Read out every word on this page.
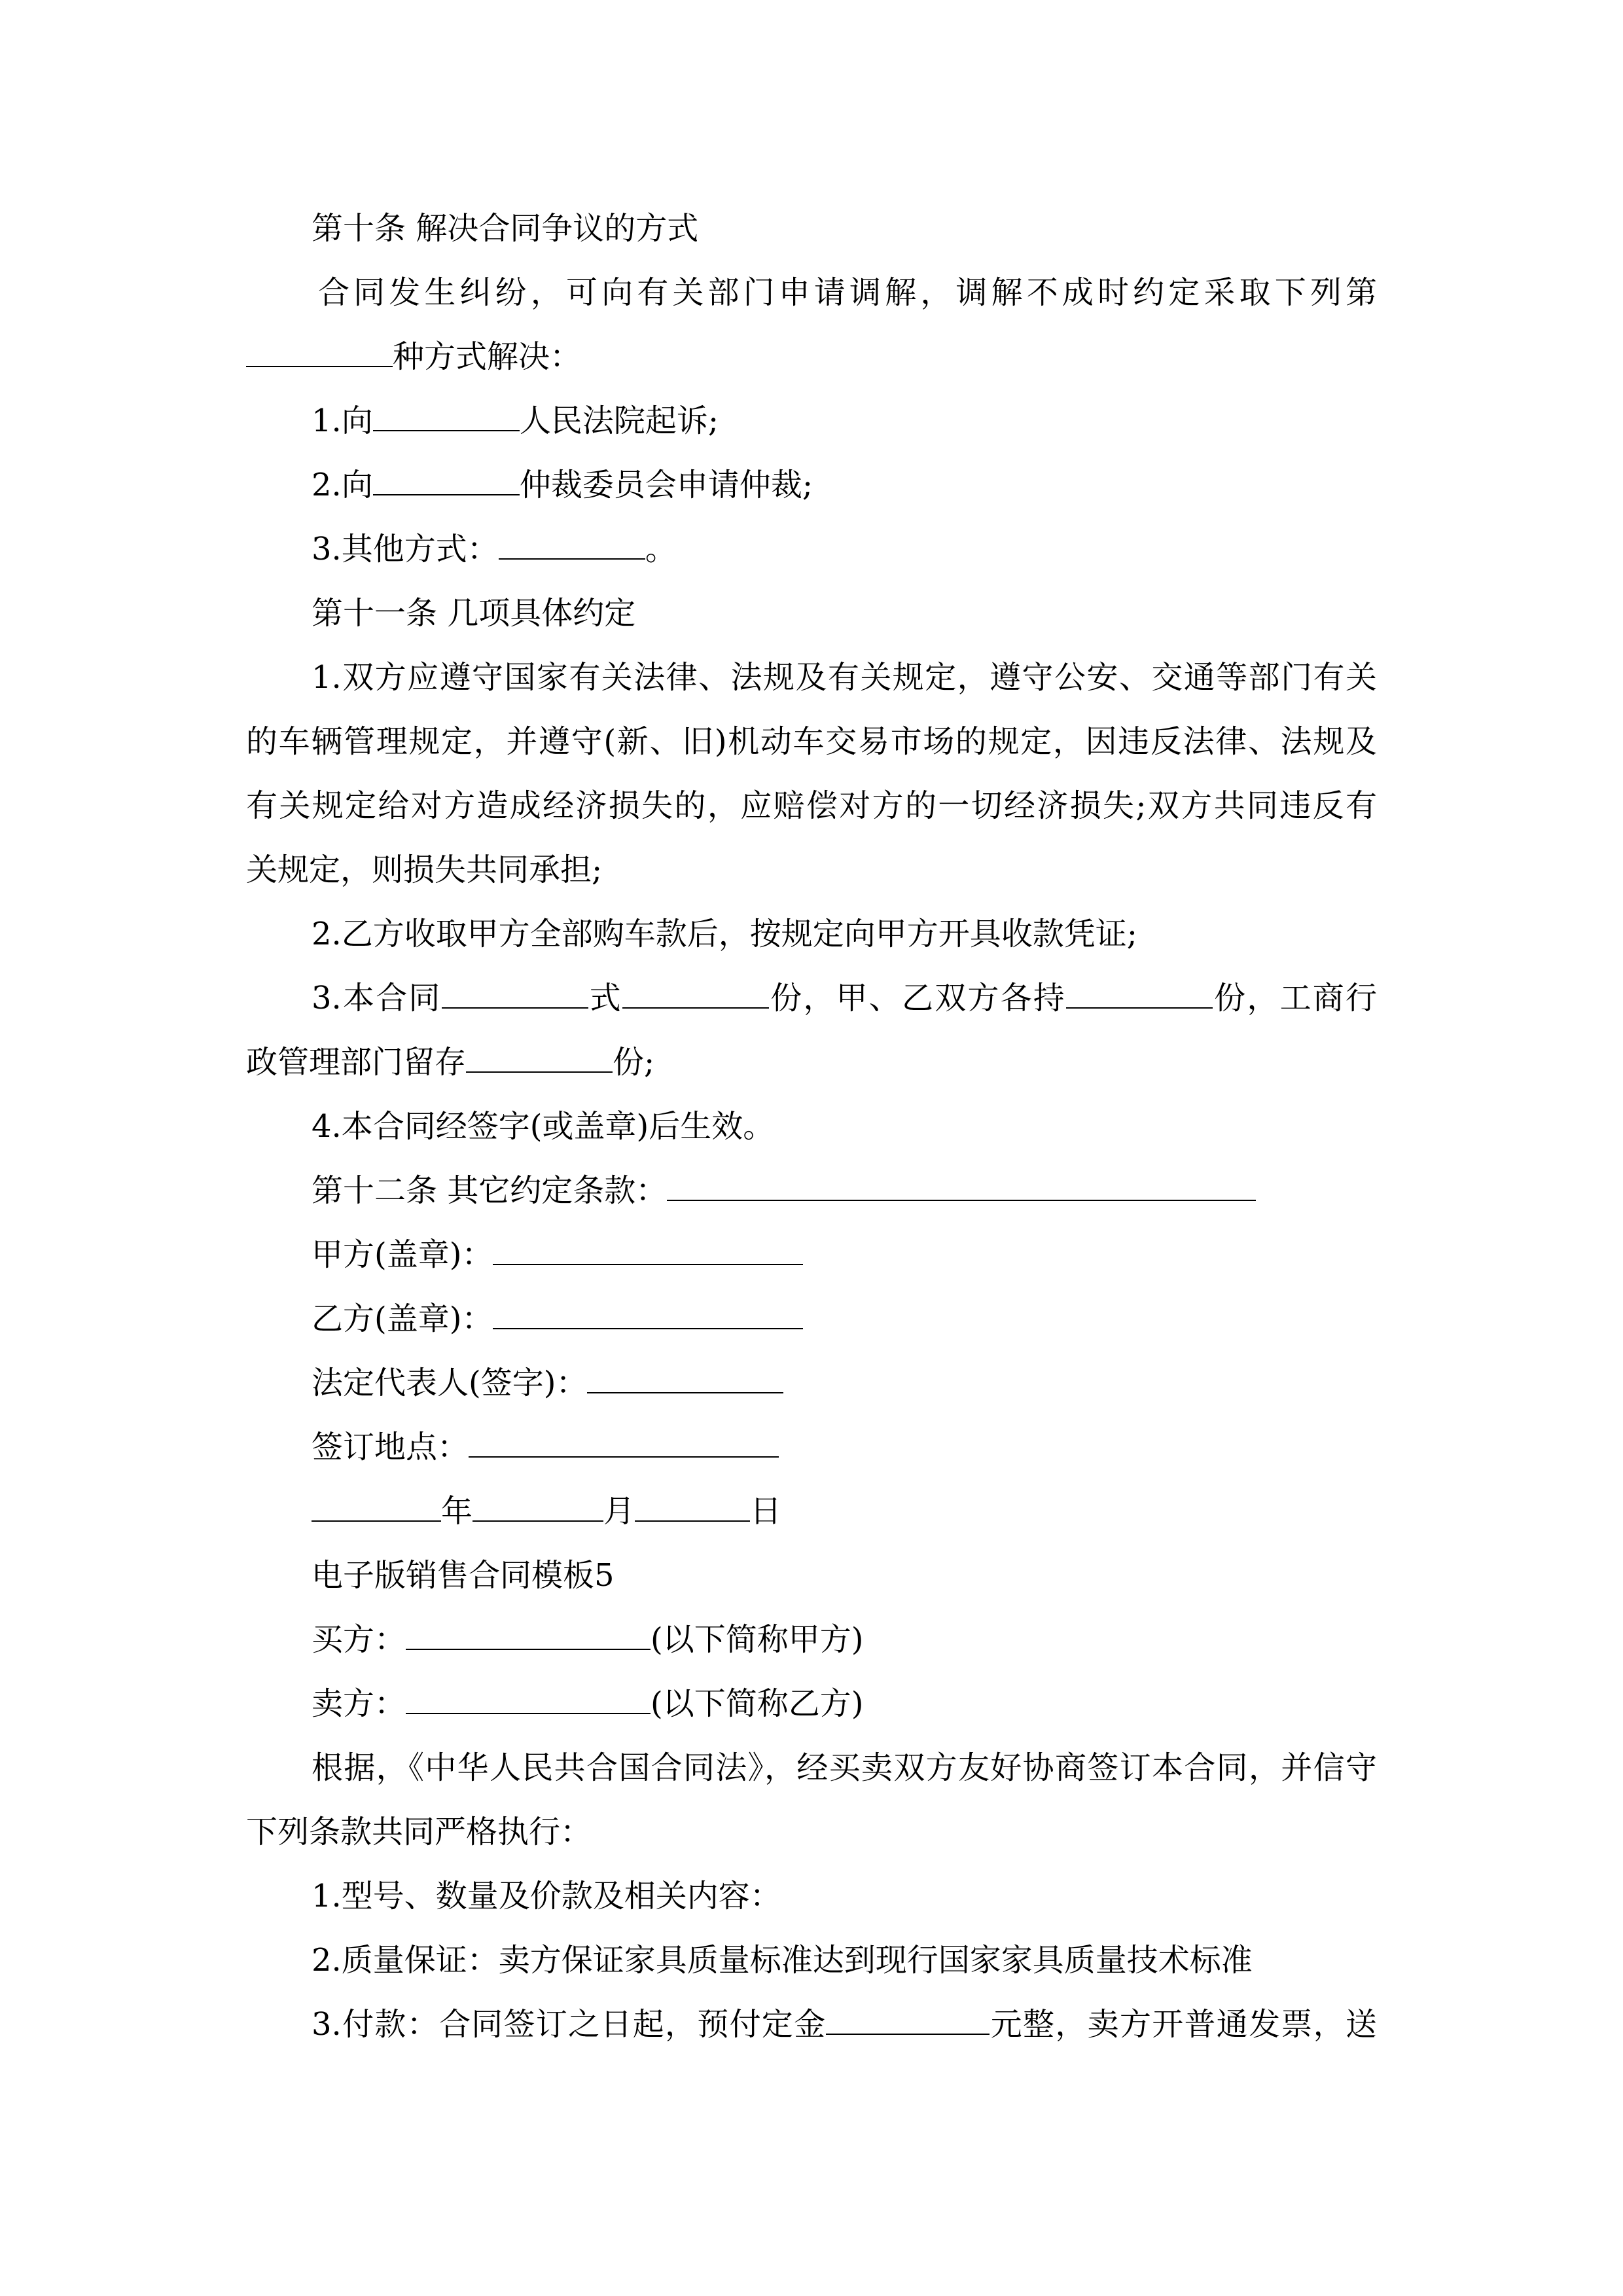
第十条 解决合同争议的方式
合同发生纠纷，可向有关部门申请调解，调解不成时约定采取下列第
种方式解决：
1.向	人民法院起诉;
2.向	仲裁委员会申请仲裁;
3.其他方式：	。
第十一条 几项具体约定
1.双方应遵守国家有关法律、法规及有关规定，遵守公安、交通等部门有关
的车辆管理规定，并遵守(新、旧)机动车交易市场的规定，因违反法律、法规及
有关规定给对方造成经济损失的，应赔偿对方的一切经济损失;双方共同违反有
关规定，则损失共同承担;
2.乙方收取甲方全部购车款后，按规定向甲方开具收款凭证;
3.本合同	式	份，甲、乙双方各持	份，工商行
政管理部门留存	份;
4.本合同经签字(或盖章)后生效。
第十二条 其它约定条款：
甲方(盖章)：
乙方(盖章)：
法定代表人(签字)：
签订地点：
年	月	日
电子版销售合同模板5
买方：	(以下简称甲方)
卖方：	(以下简称乙方)
根据，《中华人民共合国合同法》，经买卖双方友好协商签订本合同，并信守
下列条款共同严格执行：
1.型号、数量及价款及相关内容：
2.质量保证：卖方保证家具质量标准达到现行国家家具质量技术标准
3.付款：合同签订之日起，预付定金	元整，卖方开普通发票，送
